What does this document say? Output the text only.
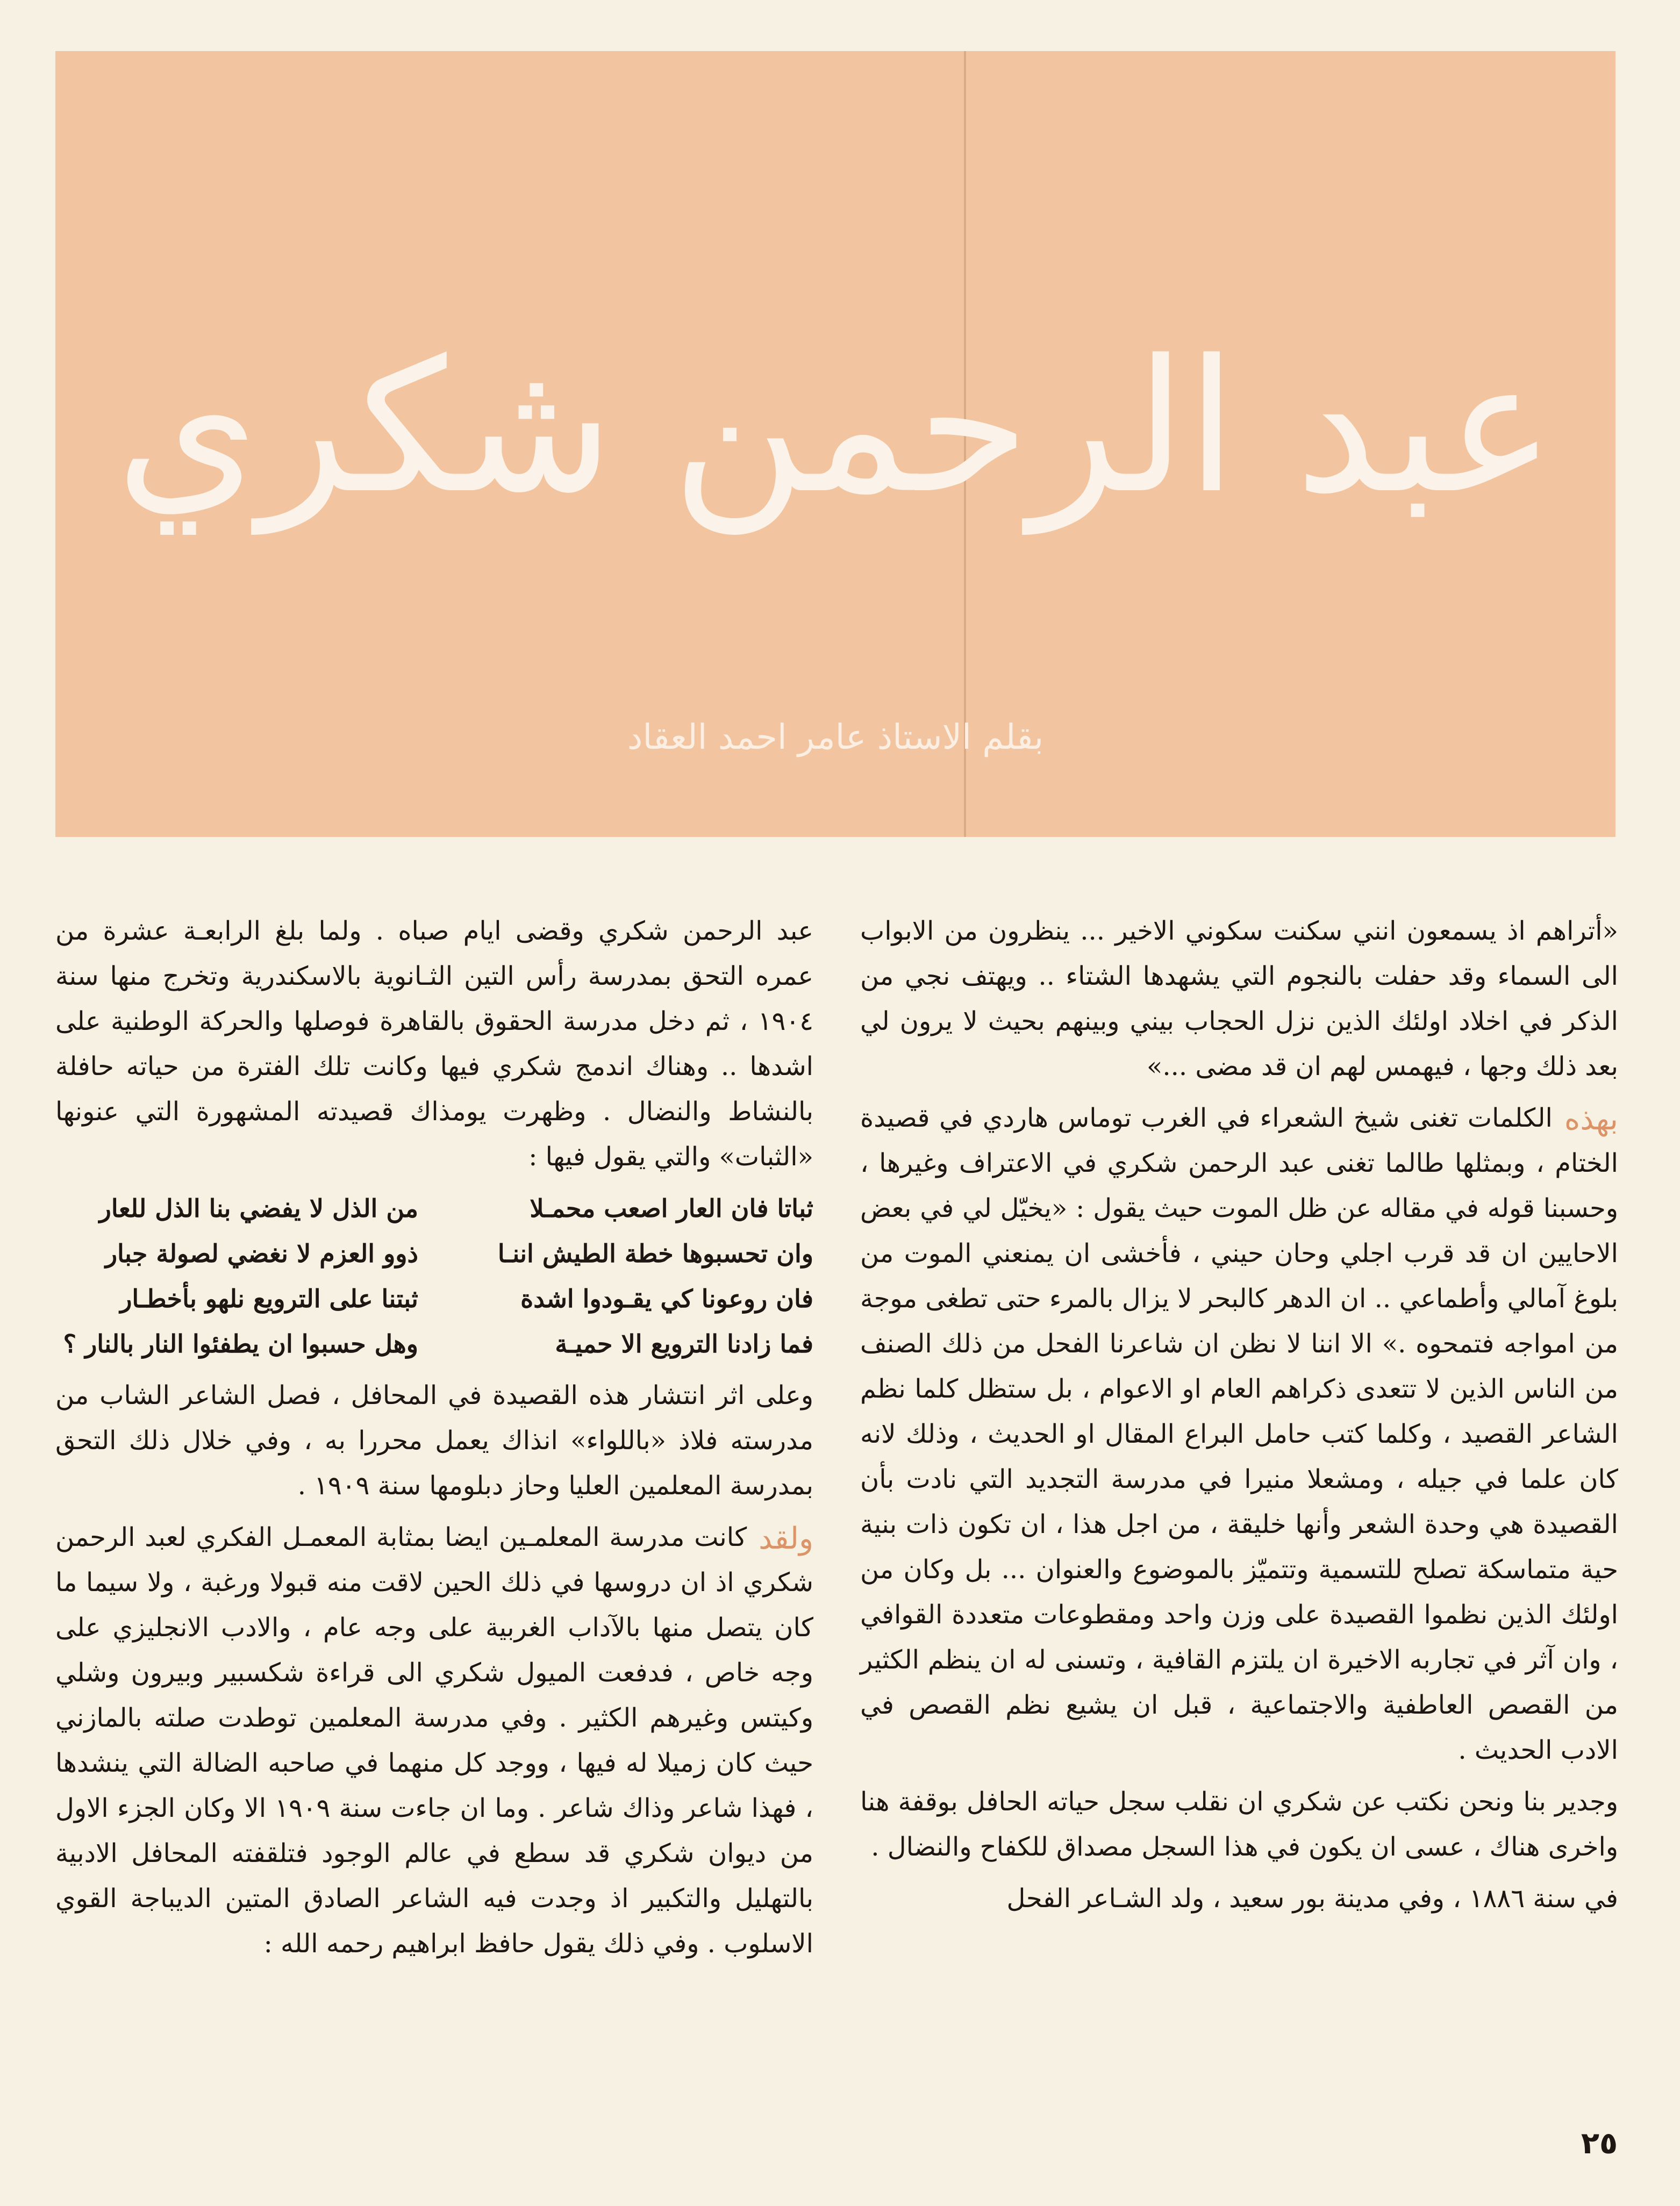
عبد الرحمن شكري
بقلم الاستاذ عامر احمد العقاد

«أتراهم اذ يسمعون انني سكنت سكوني الاخير ... ينظرون من الابواب الى السماء وقد حفلت بالنجوم التي يشهدها الشتاء .. ويهتف نجي من الذكر في اخلاد اولئك الذين نزل الحجاب بيني وبينهم بحيث لا يرون لي بعد ذلك وجها ، فيهمس لهم ان قد مضى ...»

بهذه
الكلمات تغنى شيخ الشعراء في الغرب توماس هاردي في قصيدة الختام ، وبمثلها طالما تغنى عبد الرحمن شكري في الاعتراف وغيرها ، وحسبنا قوله في مقاله عن ظل الموت حيث يقول : «يخيّل لي في بعض الاحايين ان قد قرب اجلي وحان حيني ، فأخشى ان يمنعني الموت من بلوغ آمالي وأطماعي .. ان الدهر كالبحر لا يزال بالمرء حتى تطغى موجة من امواجه فتمحوه .» الا اننا لا نظن ان شاعرنا الفحل من ذلك الصنف من الناس الذين لا تتعدى ذكراهم العام او الاعوام ، بل ستظل كلما نظم الشاعر القصيد ، وكلما كتب حامل البراع المقال او الحديث ، وذلك لانه كان علما في جيله ، ومشعلا منيرا في مدرسة التجديد التي نادت بأن القصيدة هي وحدة الشعر وأنها خليقة ، من اجل هذا ، ان تكون ذات بنية حية متماسكة تصلح للتسمية وتتميّز بالموضوع والعنوان ... بل وكان من اولئك الذين نظموا القصيدة على وزن واحد ومقطوعات متعددة القوافي ، وان آثر في تجاربه الاخيرة ان يلتزم القافية ، وتسنى له ان ينظم الكثير من القصص العاطفية والاجتماعية ، قبل ان يشيع نظم القصص في الادب الحديث .

وجدير بنا ونحن نكتب عن شكري ان نقلب سجل حياته الحافل بوقفة هنا واخرى هناك ، عسى ان يكون في هذا السجل مصداق للكفاح والنضال .

في سنة ١٨٨٦ ، وفي مدينة بور سعيد ، ولد الشـاعر الفحل

عبد الرحمن شكري وقضى ايام صباه . ولما بلغ الرابعـة عشرة من عمره التحق بمدرسة رأس التين الثـانوية بالاسكندرية وتخرج منها سنة ١٩٠٤ ، ثم دخل مدرسة الحقوق بالقاهرة فوصلها والحركة الوطنية على اشدها .. وهناك اندمج شكري فيها وكانت تلك الفترة من حياته حافلة بالنشاط والنضال . وظهرت يومذاك قصيدته المشهورة التي عنونها «الثبات» والتي يقول فيها :

ثباتا فان العار اصعب محمـلا
من الذل لا يفضي بنا الذل للعار
وان تحسبوها خطة الطيش اننـا
ذوو العزم لا نغضي لصولة جبار
فان روعونا كي يقـودوا اشدة
ثبتنا على الترويع نلهو بأخطـار
فما زادنا الترويع الا حميـة
وهل حسبوا ان يطفئوا النار بالنار ؟

وعلى اثر انتشار هذه القصيدة في المحافل ، فصل الشاعر الشاب من مدرسته فلاذ «باللواء» انذاك يعمل محررا به ، وفي خلال ذلك التحق بمدرسة المعلمين العليا وحاز دبلومها سنة ١٩٠٩ .

ولقد
كانت مدرسة المعلمـين ايضا بمثابة المعمـل الفكري لعبد الرحمن شكري اذ ان دروسها في ذلك الحين لاقت منه قبولا ورغبة ، ولا سيما ما كان يتصل منها بالآداب الغربية على وجه عام ، والادب الانجليزي على وجه خاص ، فدفعت الميول شكري الى قراءة شكسبير وبيرون وشلي وكيتس وغيرهم الكثير . وفي مدرسة المعلمين توطدت صلته بالمازني حيث كان زميلا له فيها ، ووجد كل منهما في صاحبه الضالة التي ينشدها ، فهذا شاعر وذاك شاعر . وما ان جاءت سنة ١٩٠٩ الا وكان الجزء الاول من ديوان شكري قد سطع في عالم الوجود فتلقفته المحافل الادبية بالتهليل والتكبير اذ وجدت فيه الشاعر الصادق المتين الديباجة القوي الاسلوب . وفي ذلك يقول حافظ ابراهيم رحمه الله :

٢٥
